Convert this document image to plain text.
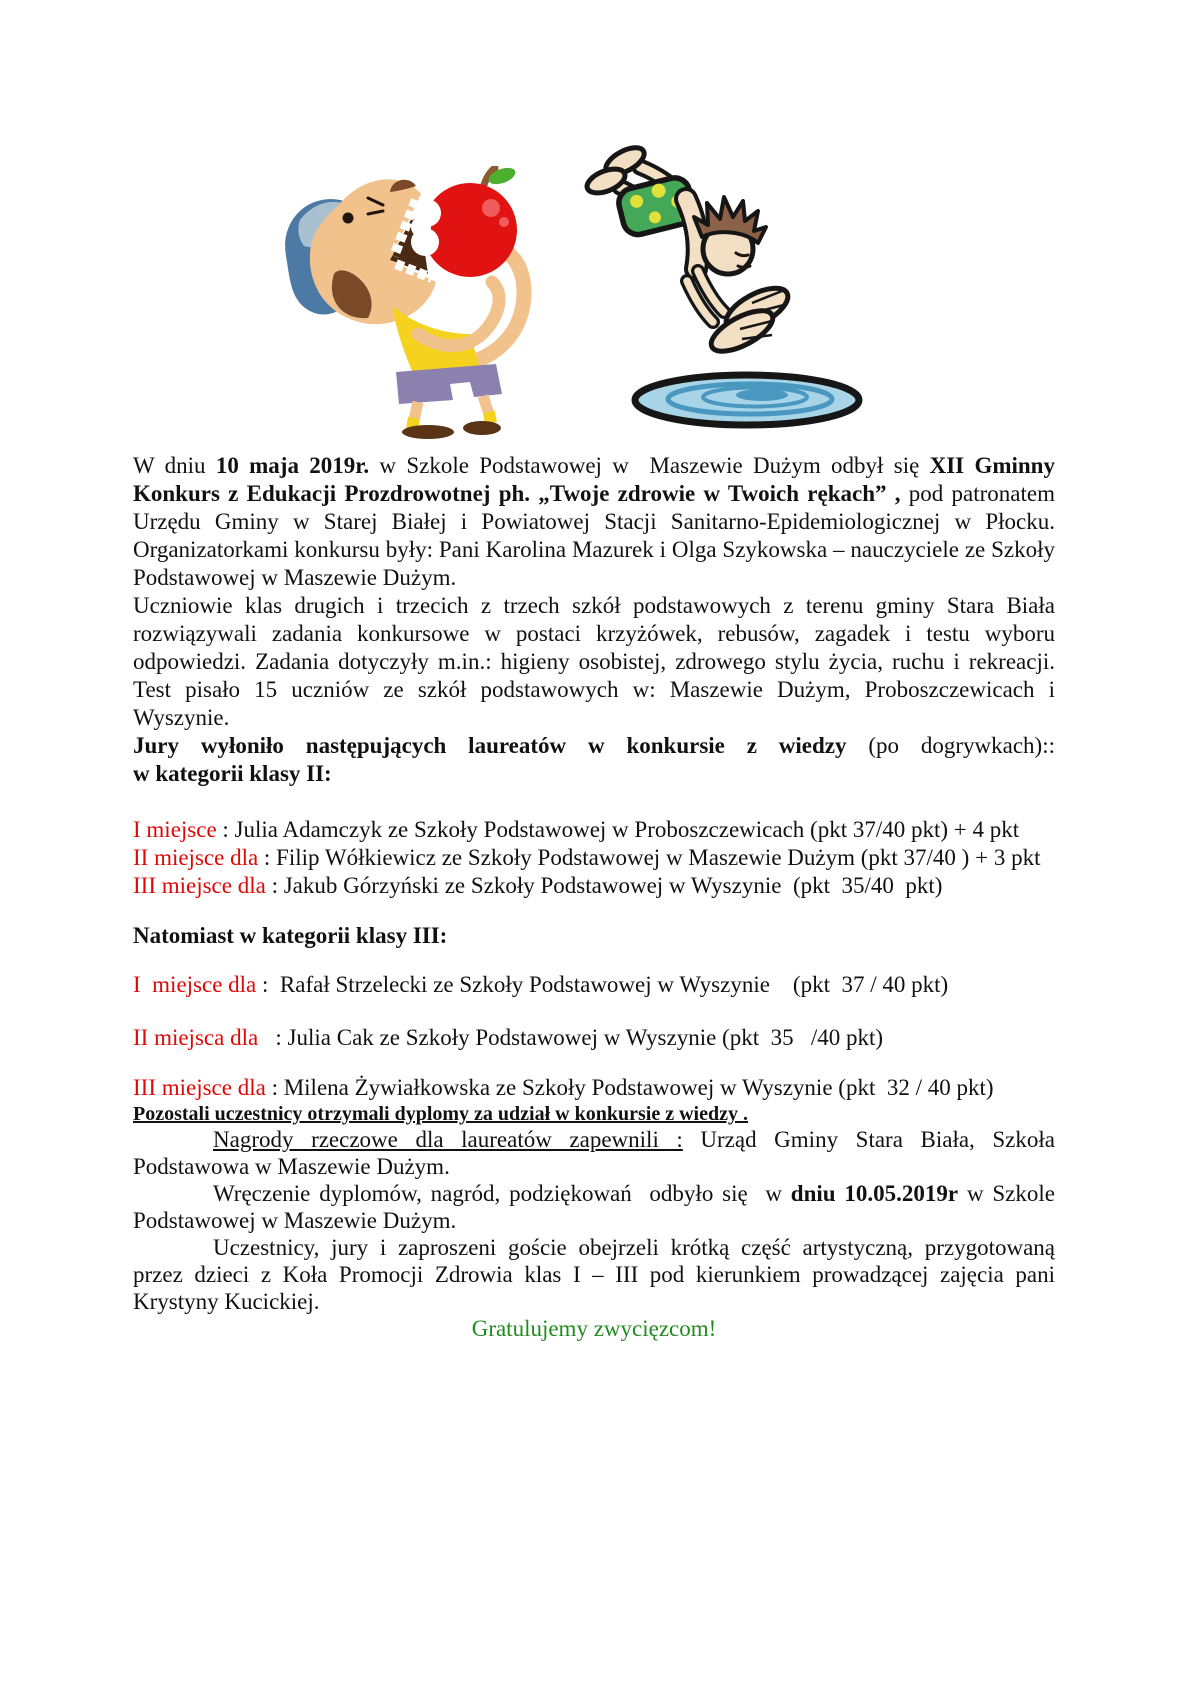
W dniu 10 maja 2019r. w Szkole Podstawowej w  Maszewie Dużym odbył się XII Gminny Konkurs z Edukacji Prozdrowotnej ph. „Twoje zdrowie w Twoich rękach” , pod patronatem Urzędu Gminy w Starej Białej i Powiatowej Stacji Sanitarno-Epidemiologicznej w Płocku. Organizatorkami konkursu były: Pani Karolina Mazurek i Olga Szykowska – nauczyciele ze Szkoły Podstawowej w Maszewie Dużym.

Uczniowie klas drugich i trzecich z trzech szkół podstawowych z terenu gminy Stara Biała rozwiązywali zadania konkursowe w postaci krzyżówek, rebusów, zagadek i testu wyboru odpowiedzi. Zadania dotyczyły m.in.: higieny osobistej, zdrowego stylu życia, ruchu i rekreacji. Test pisało 15 uczniów ze szkół podstawowych w: Maszewie Dużym, Proboszczewicach i Wyszynie.

Jury wyłoniło następujących laureatów w konkursie z wiedzy (po dogrywkach)::

w kategorii klasy II:

I miejsce : Julia Adamczyk ze Szkoły Podstawowej w Proboszczewicach (pkt 37/40 pkt) + 4 pkt

II miejsce dla : Filip Wółkiewicz ze Szkoły Podstawowej w Maszewie Dużym (pkt 37/40 ) + 3 pkt

III miejsce dla : Jakub Górzyński ze Szkoły Podstawowej w Wyszynie  (pkt  35/40  pkt)

Natomiast w kategorii klasy III:

I  miejsce dla :  Rafał Strzelecki ze Szkoły Podstawowej w Wyszynie    (pkt  37 / 40 pkt)

II miejsca dla   : Julia Cak ze Szkoły Podstawowej w Wyszynie (pkt  35   /40 pkt)

III miejsce dla : Milena Żywiałkowska ze Szkoły Podstawowej w Wyszynie (pkt  32 / 40 pkt)

Pozostali uczestnicy otrzymali dyplomy za udział w konkursie z wiedzy .

Nagrody rzeczowe dla laureatów zapewnili : Urząd Gminy Stara Biała, Szkoła Podstawowa w Maszewie Dużym.

Wręczenie dyplomów, nagród, podziękowań  odbyło się  w dniu 10.05.2019r w Szkole Podstawowej w Maszewie Dużym.

Uczestnicy, jury i zaproszeni goście obejrzeli krótką część artystyczną, przygotowaną przez dzieci z Koła Promocji Zdrowia klas I – III pod kierunkiem prowadzącej zajęcia pani Krystyny Kucickiej.

Gratulujemy zwycięzcom!
